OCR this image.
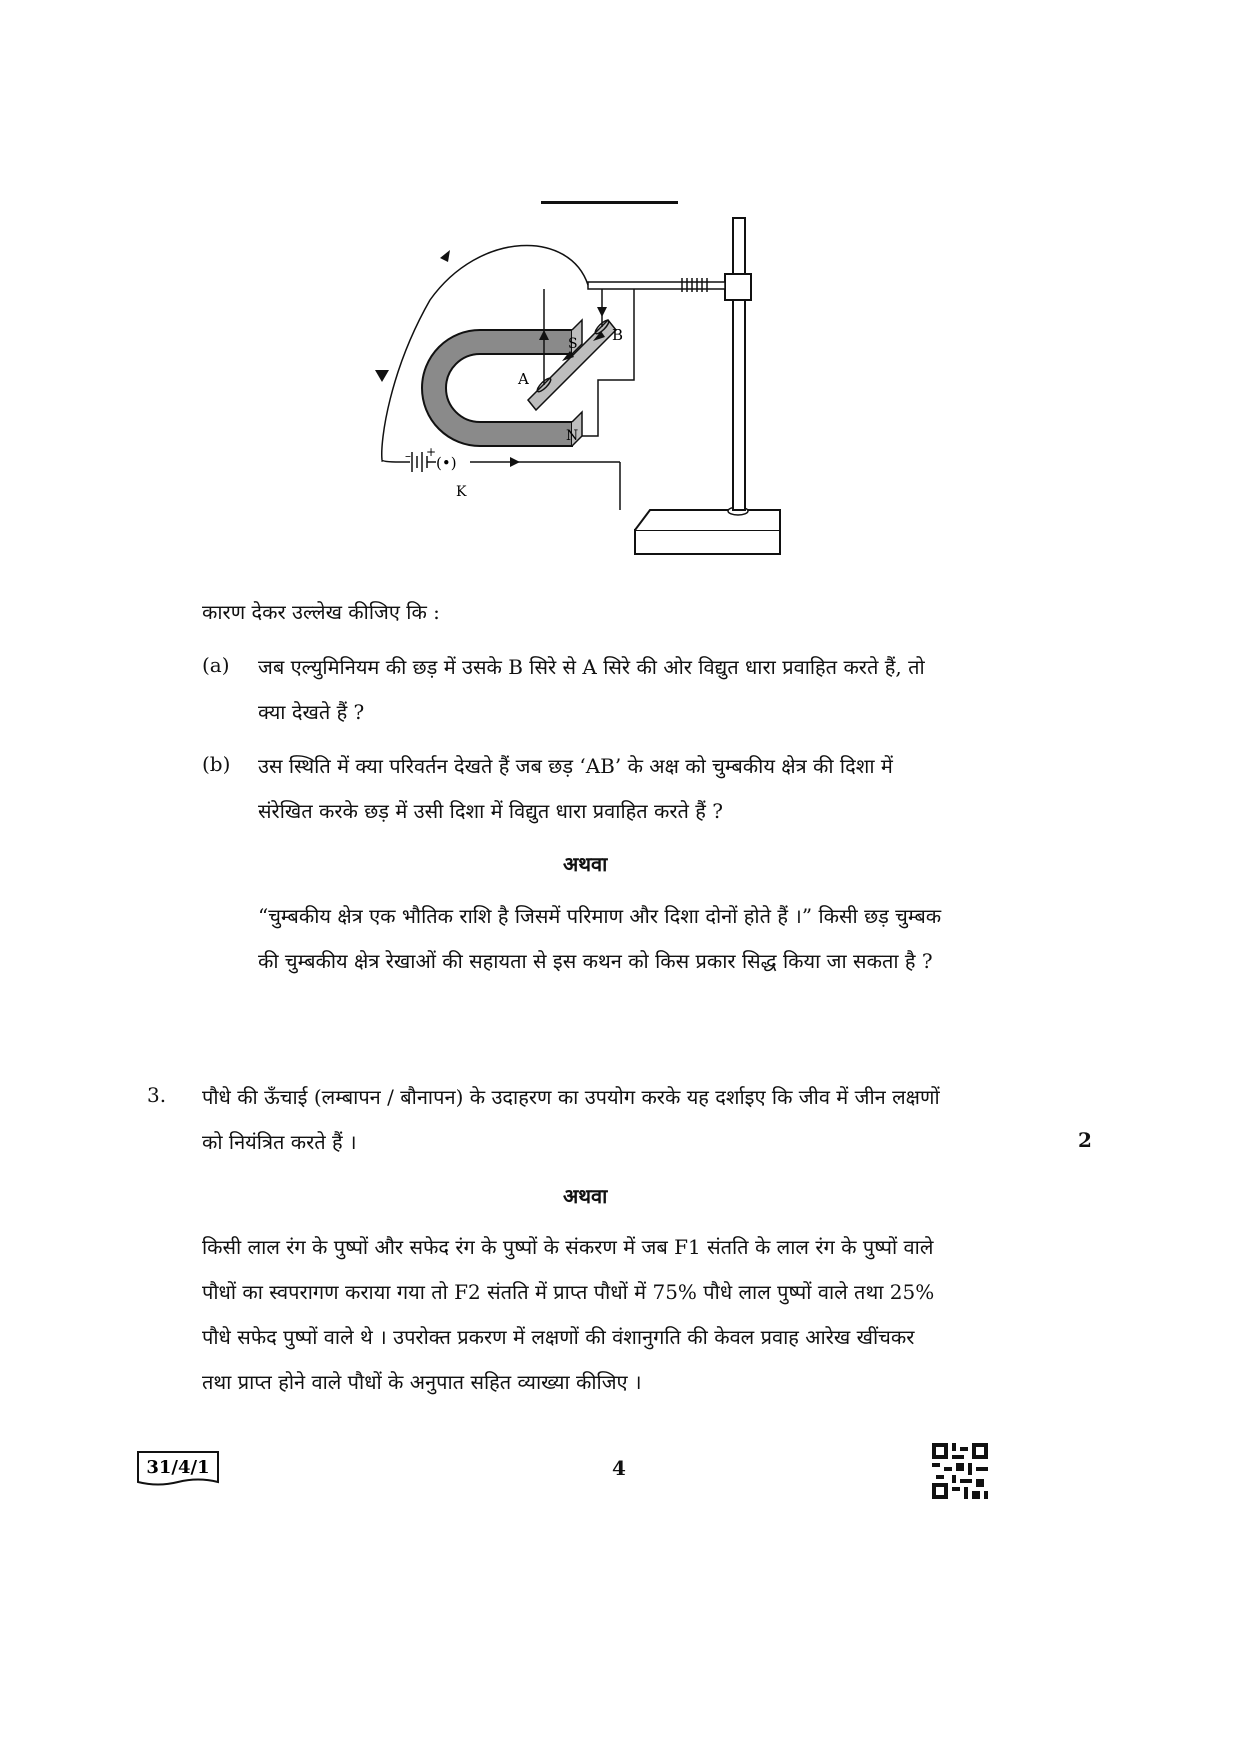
S
N
A
B
K
– +
(•)
कारण देकर उल्लेख कीजिए कि :
(a) जब एल्युमिनियम की छड़ में उसके B सिरे से A सिरे की ओर विद्युत धारा प्रवाहित करते हैं, तो
क्या देखते हैं ?
(b) उस स्थिति में क्या परिवर्तन देखते हैं जब छड़ ‘AB’ के अक्ष को चुम्बकीय क्षेत्र की दिशा में
संरेखित करके छड़ में उसी दिशा में विद्युत धारा प्रवाहित करते हैं ?
अथवा
“चुम्बकीय क्षेत्र एक भौतिक राशि है जिसमें परिमाण और दिशा दोनों होते हैं ।” किसी छड़ चुम्बक
की चुम्बकीय क्षेत्र रेखाओं की सहायता से इस कथन को किस प्रकार सिद्ध किया जा सकता है ?
3. पौधे की ऊँचाई (लम्बापन / बौनापन) के उदाहरण का उपयोग करके यह दर्शाइए कि जीव में जीन लक्षणों
को नियंत्रित करते हैं ।	2
अथवा
किसी लाल रंग के पुष्पों और सफेद रंग के पुष्पों के संकरण में जब F1 संतति के लाल रंग के पुष्पों वाले
पौधों का स्वपरागण कराया गया तो F2 संतति में प्राप्त पौधों में 75% पौधे लाल पुष्पों वाले तथा 25%
पौधे सफेद पुष्पों वाले थे । उपरोक्त प्रकरण में लक्षणों की वंशानुगति की केवल प्रवाह आरेख खींचकर
तथा प्राप्त होने वाले पौधों के अनुपात सहित व्याख्या कीजिए ।
31/4/1	4
